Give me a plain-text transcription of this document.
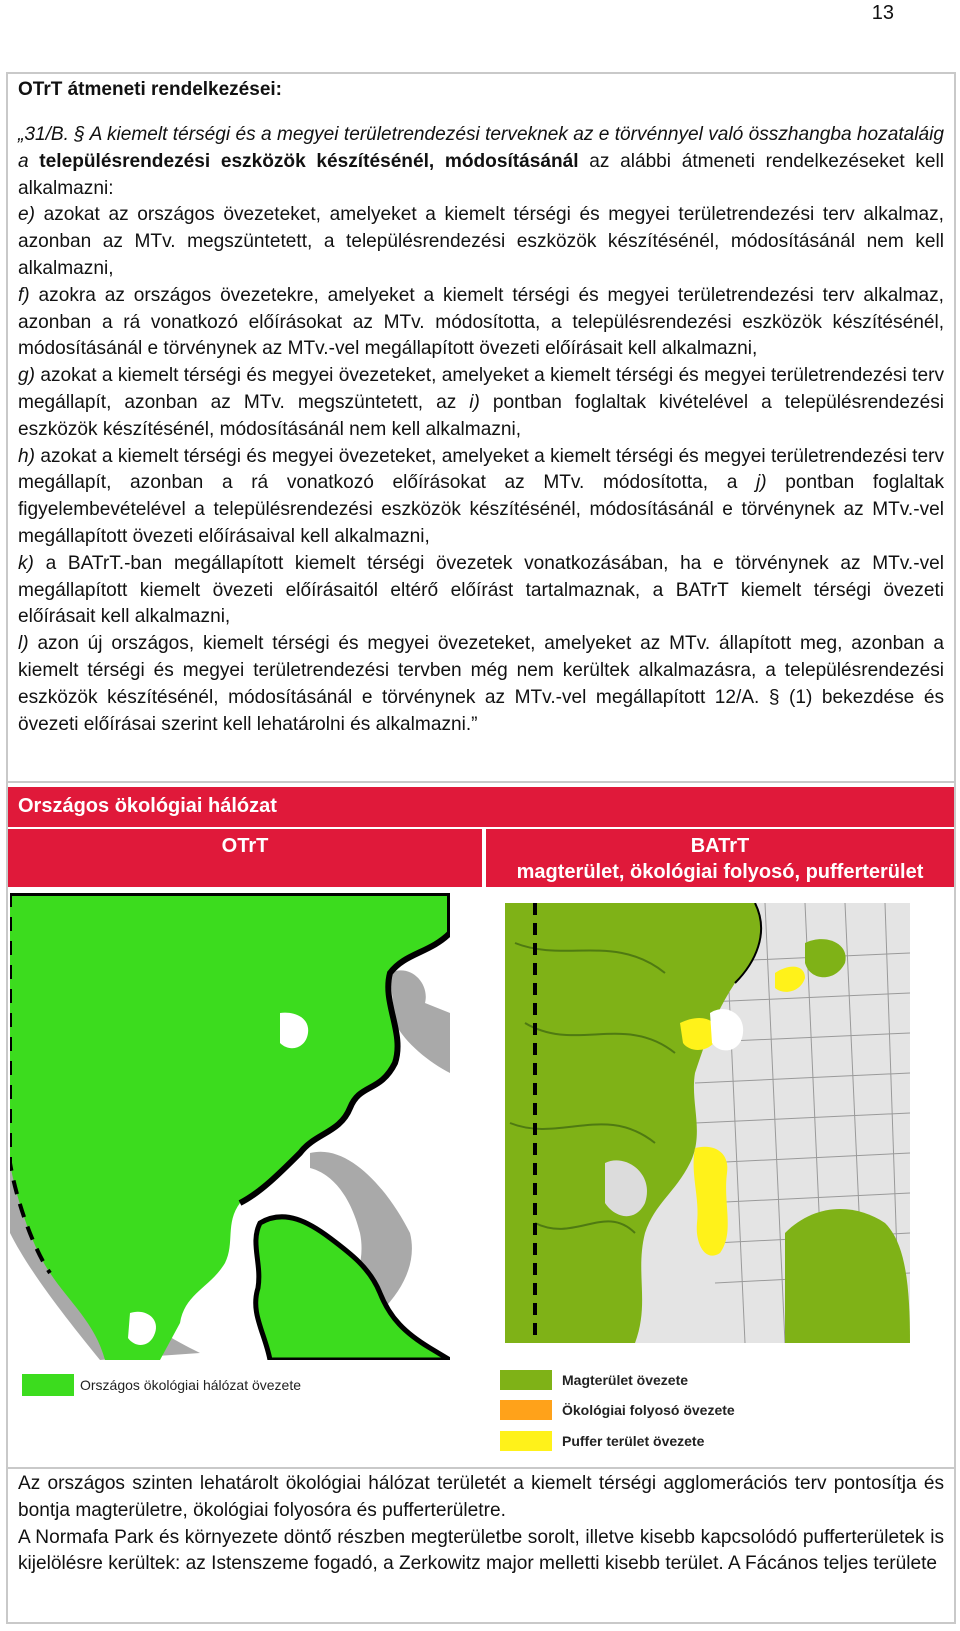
13
OTrT átmeneti rendelkezései:

„31/B. § A kiemelt térségi és a megyei területrendezési terveknek az e törvénnyel való összhangba hozataláig a településrendezési eszközök készítésénél, módosításánál az alábbi átmeneti rendelkezéseket kell alkalmazni:

e) azokat az országos övezeteket, amelyeket a kiemelt térségi és megyei területrendezési terv alkalmaz, azonban az MTv. megszüntetett, a településrendezési eszközök készítésénél, módosításánál nem kell alkalmazni,

f) azokra az országos övezetekre, amelyeket a kiemelt térségi és megyei területrendezési terv alkalmaz, azonban a rá vonatkozó előírásokat az MTv. módosította, a településrendezési eszközök készítésénél, módosításánál e törvénynek az MTv.-vel megállapított övezeti előírásait kell alkalmazni,

g) azokat a kiemelt térségi és megyei övezeteket, amelyeket a kiemelt térségi és megyei területrendezési terv megállapít, azonban az MTv. megszüntetett, az i) pontban foglaltak kivételével a településrendezési eszközök készítésénél, módosításánál nem kell alkalmazni,

h) azokat a kiemelt térségi és megyei övezeteket, amelyeket a kiemelt térségi és megyei területrendezési terv megállapít, azonban a rá vonatkozó előírásokat az MTv. módosította, a j) pontban foglaltak figyelembevételével a településrendezési eszközök készítésénél, módosításánál e törvénynek az MTv.-vel megállapított övezeti előírásaival kell alkalmazni,

k) a BATrT.-ban megállapított kiemelt térségi övezetek vonatkozásában, ha e törvénynek az MTv.-vel megállapított kiemelt övezeti előírásaitól eltérő előírást tartalmaznak, a BATrT kiemelt térségi övezeti előírásait kell alkalmazni,

l) azon új országos, kiemelt térségi és megyei övezeteket, amelyeket az MTv. állapított meg, azonban a kiemelt térségi és megyei területrendezési tervben még nem kerültek alkalmazásra, a településrendezési eszközök készítésénél, módosításánál e törvénynek az MTv.-vel megállapított 12/A. § (1) bekezdése és övezeti előírásai szerint kell lehatárolni és alkalmazni.”

Országos ökológiai hálózat
OTrT	BATrT
magterület, ökológiai folyosó, pufferterület
Országos ökológiai hálózat övezete	Magterület övezete
Ökológiai folyosó övezete
Puffer terület övezete

Az országos szinten lehatárolt ökológiai hálózat területét a kiemelt térségi agglomerációs terv pontosítja és bontja magterületre, ökológiai folyosóra és pufferterületre.

A Normafa Park és környezete döntő részben megterületbe sorolt, illetve kisebb kapcsolódó pufferterületek is kijelölésre kerültek: az Istenszeme fogadó, a Zerkowitz major melletti kisebb terület. A Fácános teljes területe
